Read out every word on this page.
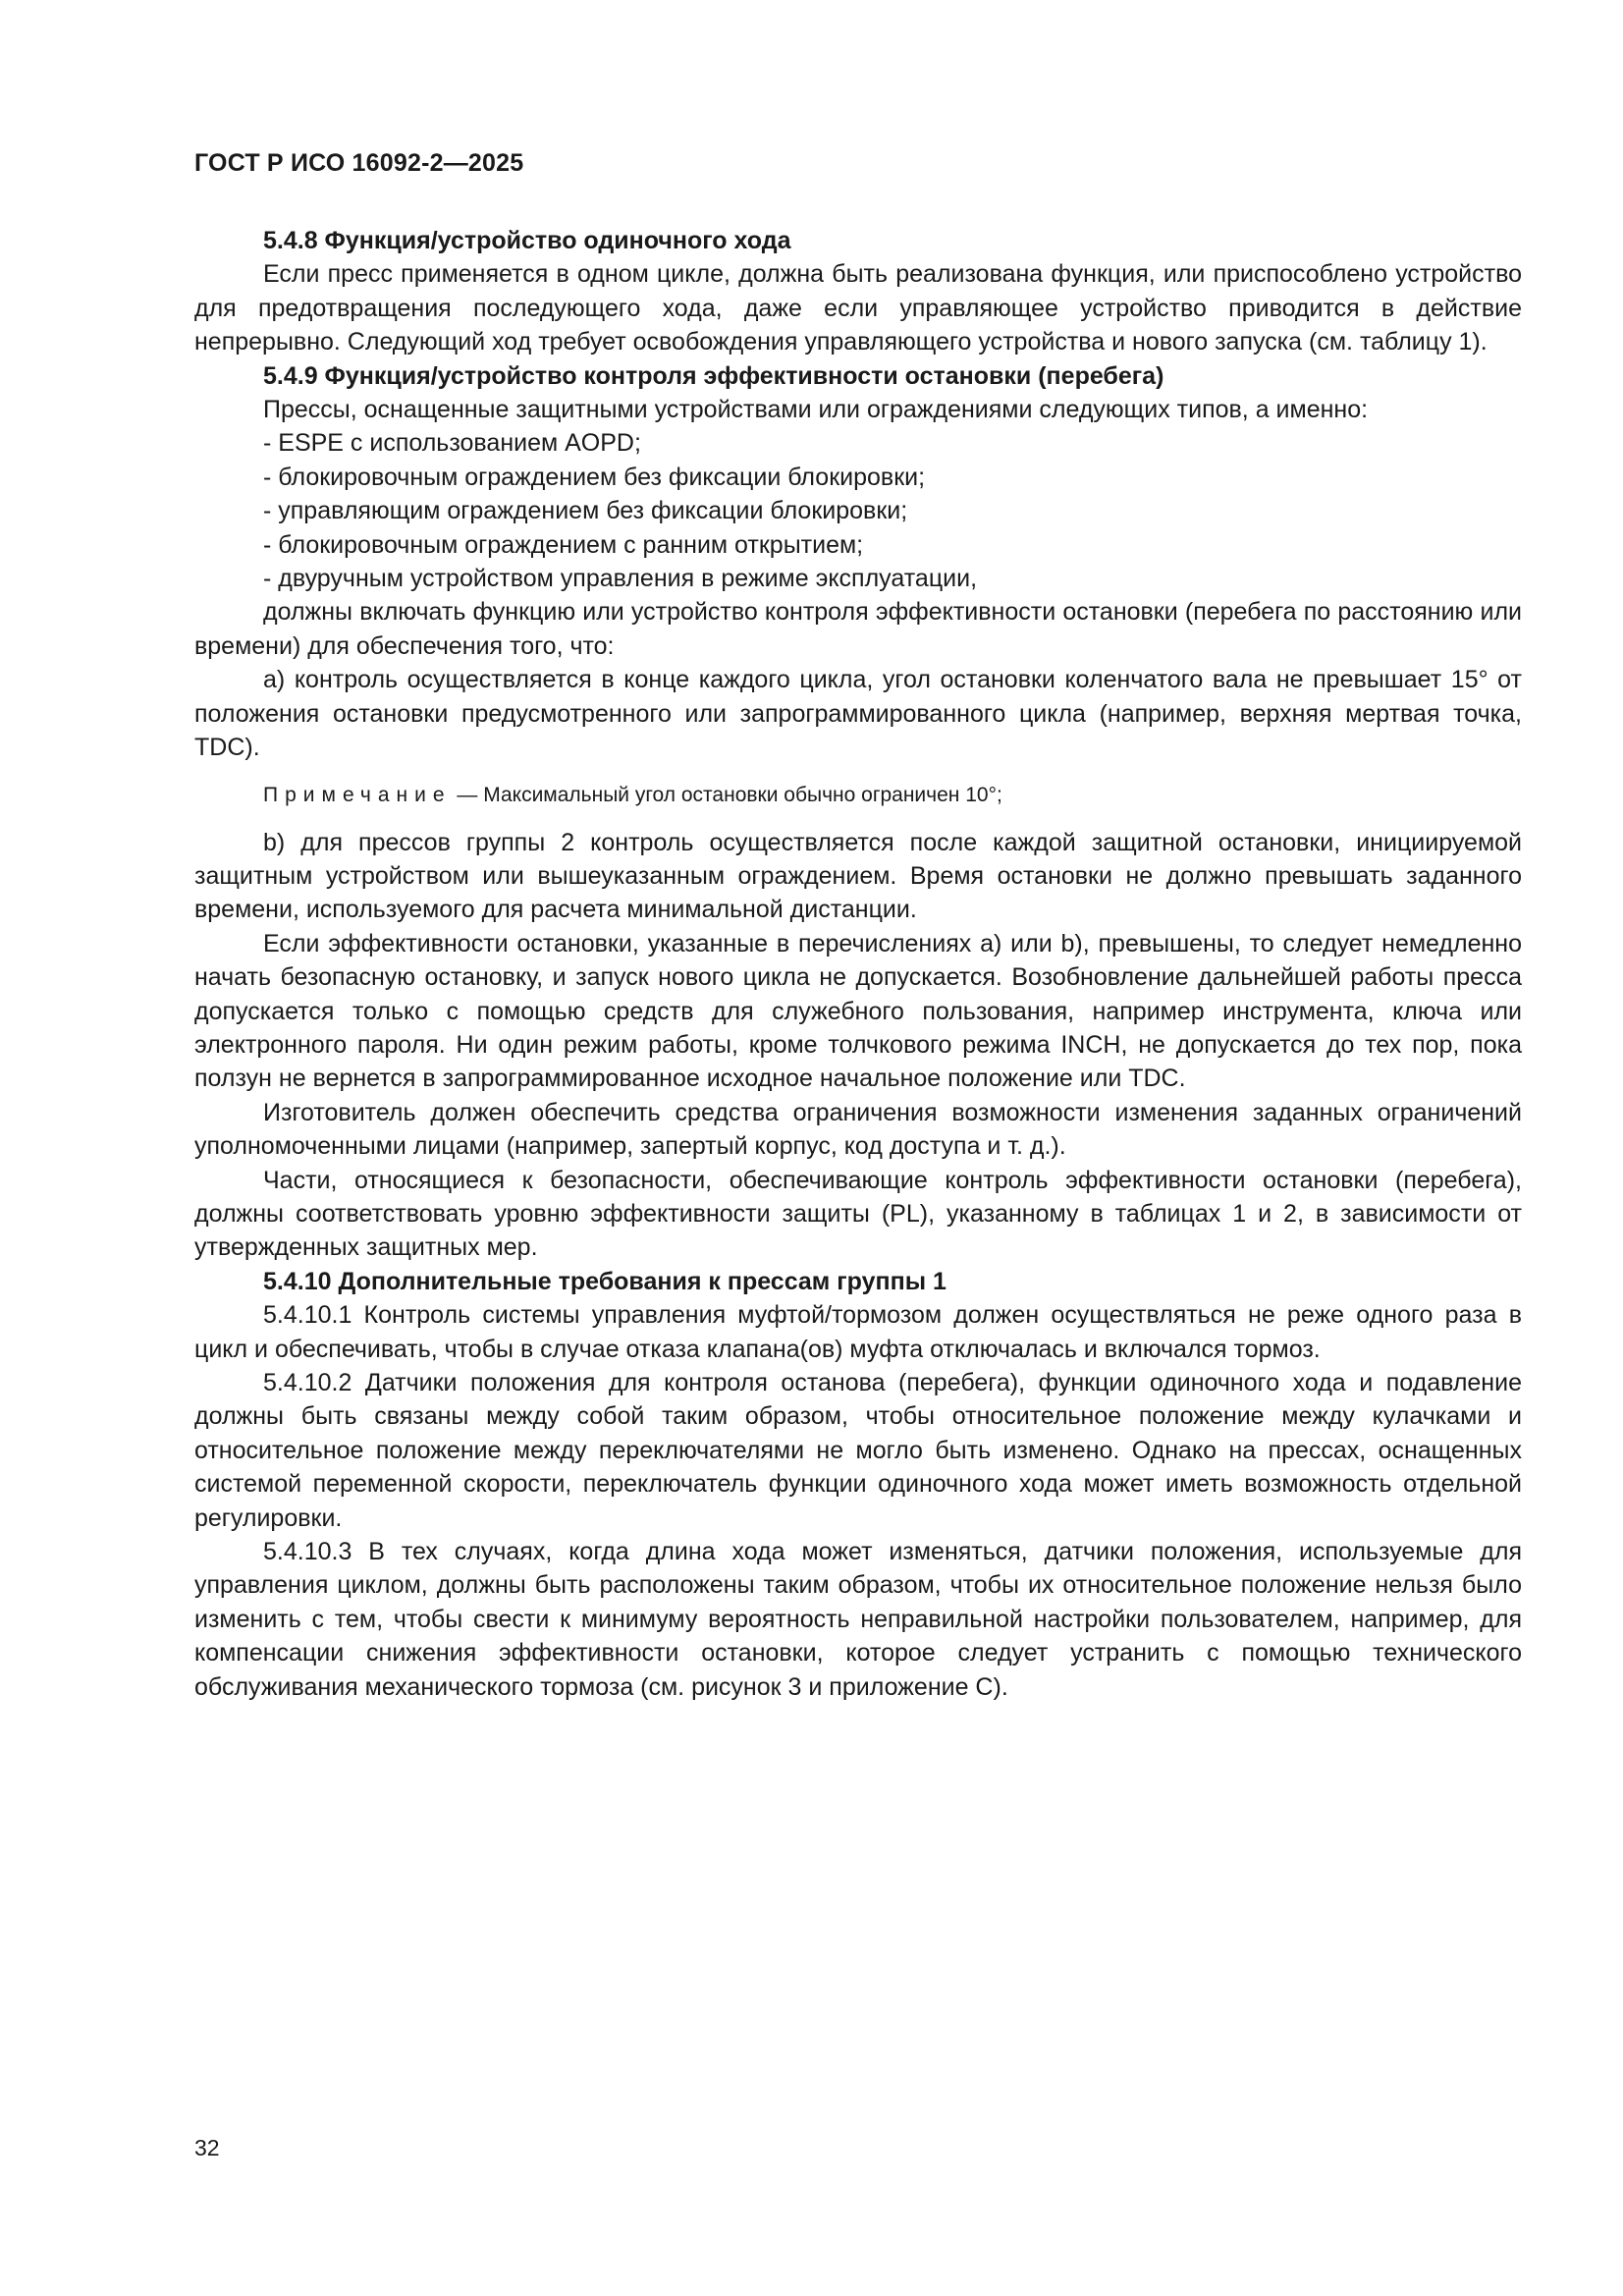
ГОСТ Р ИСО 16092-2—2025

5.4.8 Функция/устройство одиночного хода

Если пресс применяется в одном цикле, должна быть реализована функция, или приспособлено устройство для предотвращения последующего хода, даже если управляющее устройство приводится в действие непрерывно. Следующий ход требует освобождения управляющего устройства и нового запуска (см. таблицу 1).

5.4.9 Функция/устройство контроля эффективности остановки (перебега)

Прессы, оснащенные защитными устройствами или ограждениями следующих типов, а именно:

- ESPE с использованием AOPD;

- блокировочным ограждением без фиксации блокировки;

- управляющим ограждением без фиксации блокировки;

- блокировочным ограждением с ранним открытием;

- двуручным устройством управления в режиме эксплуатации,

должны включать функцию или устройство контроля эффективности остановки (перебега по расстоянию или времени) для обеспечения того, что:

a) контроль осуществляется в конце каждого цикла, угол остановки коленчатого вала не превышает 15° от положения остановки предусмотренного или запрограммированного цикла (например, верхняя мертвая точка, TDC).

Примечание — Максимальный угол остановки обычно ограничен 10°;

b) для прессов группы 2 контроль осуществляется после каждой защитной остановки, инициируемой защитным устройством или вышеуказанным ограждением. Время остановки не должно превышать заданного времени, используемого для расчета минимальной дистанции.

Если эффективности остановки, указанные в перечислениях a) или b), превышены, то следует немедленно начать безопасную остановку, и запуск нового цикла не допускается. Возобновление дальнейшей работы пресса допускается только с помощью средств для служебного пользования, например инструмента, ключа или электронного пароля. Ни один режим работы, кроме толчкового режима INCH, не допускается до тех пор, пока ползун не вернется в запрограммированное исходное начальное положение или TDC.

Изготовитель должен обеспечить средства ограничения возможности изменения заданных ограничений уполномоченными лицами (например, запертый корпус, код доступа и т. д.).

Части, относящиеся к безопасности, обеспечивающие контроль эффективности остановки (перебега), должны соответствовать уровню эффективности защиты (PL), указанному в таблицах 1 и 2, в зависимости от утвержденных защитных мер.

5.4.10 Дополнительные требования к прессам группы 1

5.4.10.1 Контроль системы управления муфтой/тормозом должен осуществляться не реже одного раза в цикл и обеспечивать, чтобы в случае отказа клапана(ов) муфта отключалась и включался тормоз.

5.4.10.2 Датчики положения для контроля останова (перебега), функции одиночного хода и подавление должны быть связаны между собой таким образом, чтобы относительное положение между кулачками и относительное положение между переключателями не могло быть изменено. Однако на прессах, оснащенных системой переменной скорости, переключатель функции одиночного хода может иметь возможность отдельной регулировки.

5.4.10.3 В тех случаях, когда длина хода может изменяться, датчики положения, используемые для управления циклом, должны быть расположены таким образом, чтобы их относительное положение нельзя было изменить с тем, чтобы свести к минимуму вероятность неправильной настройки пользователем, например, для компенсации снижения эффективности остановки, которое следует устранить с помощью технического обслуживания механического тормоза (см. рисунок 3 и приложение С).

32
